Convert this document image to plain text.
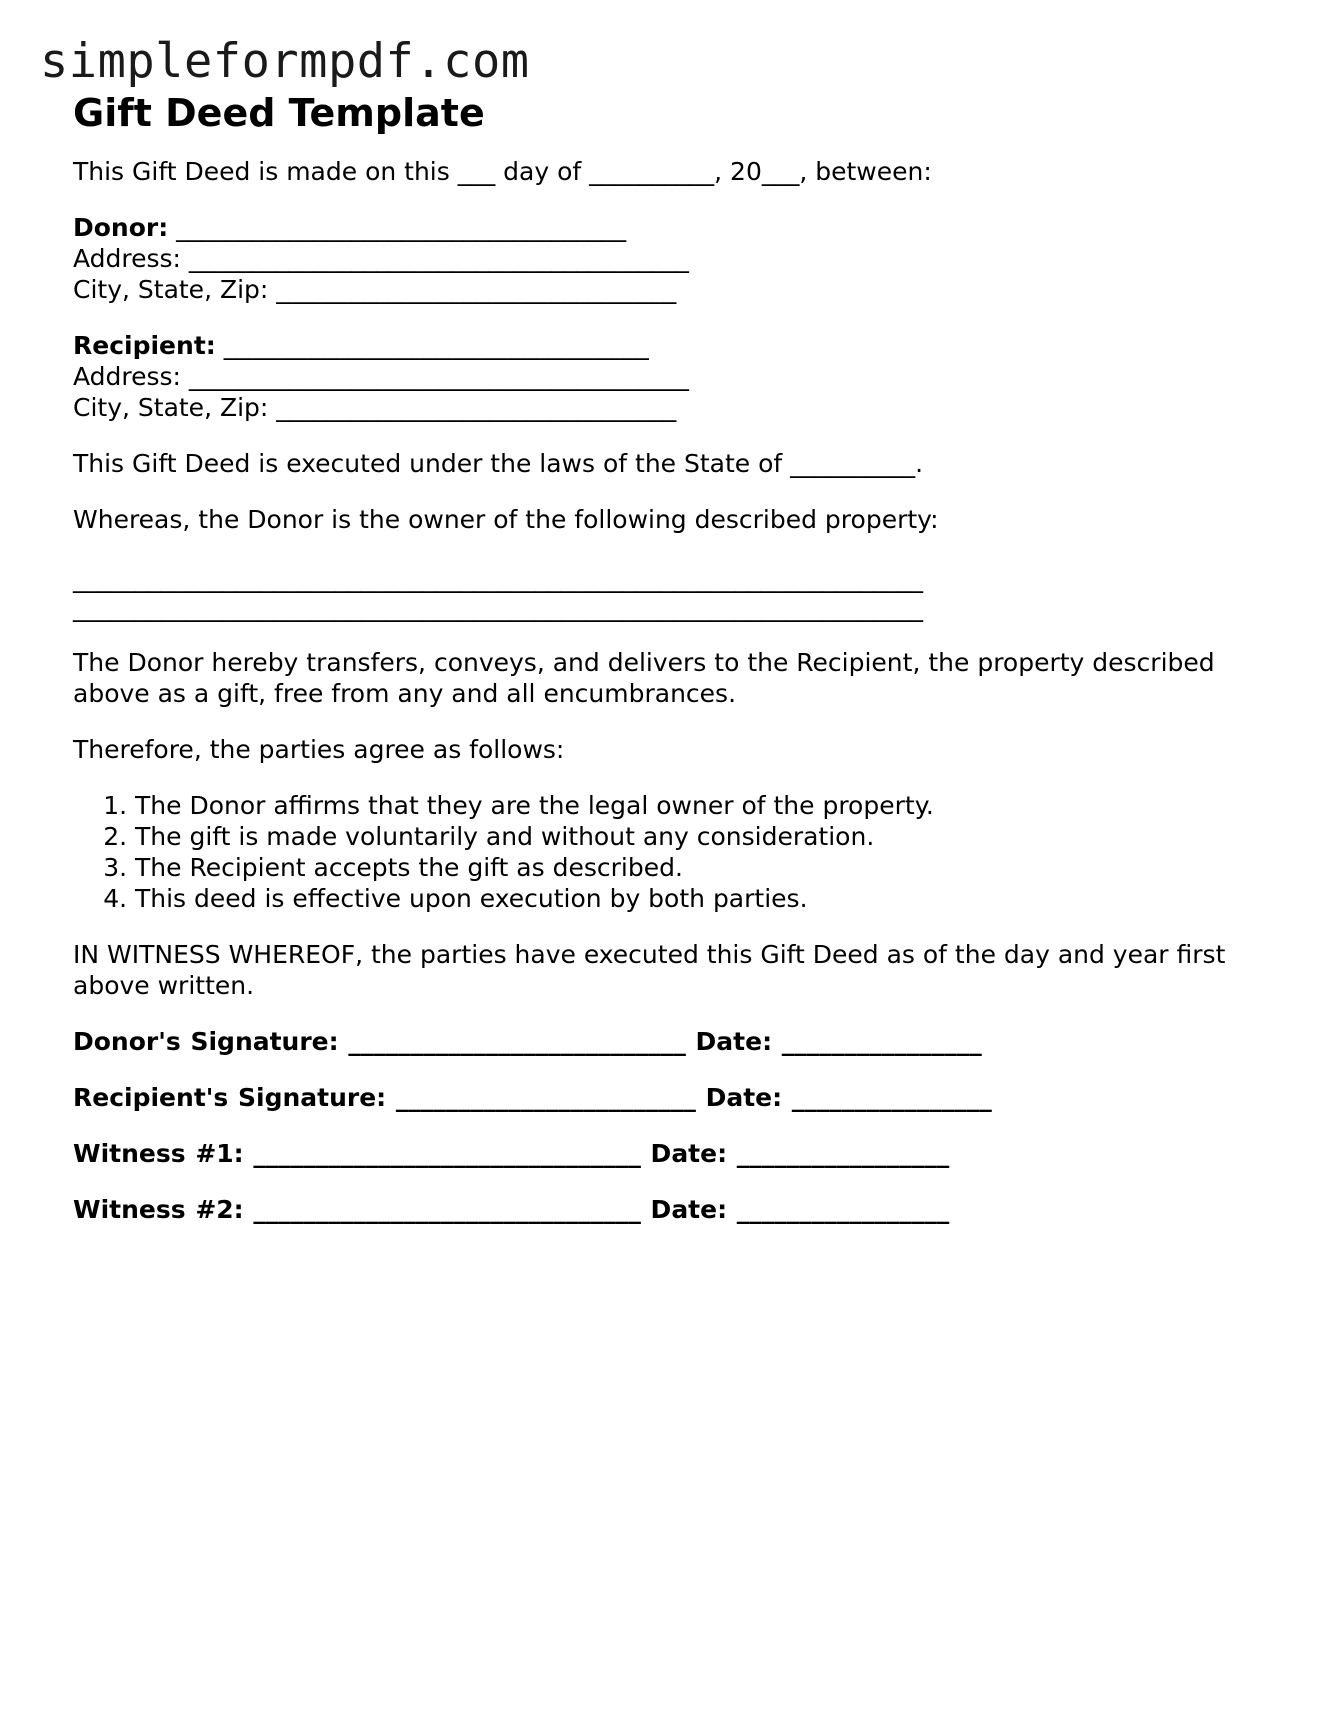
simpleformpdf.com
Gift Deed Template

This Gift Deed is made on this ___ day of __________, 20___, between:

Donor: ____________________________________

Address: ________________________________________

City, State, Zip: ________________________________

Recipient: __________________________________

Address: ________________________________________

City, State, Zip: ________________________________

This Gift Deed is executed under the laws of the State of __________.

Whereas, the Donor is the owner of the following described property:

____________________________________________________________________

____________________________________________________________________

The Donor hereby transfers, conveys, and delivers to the Recipient, the property described above as a gift, free from any and all encumbrances.

Therefore, the parties agree as follows:

1. The Donor affirms that they are the legal owner of the property.
2. The gift is made voluntarily and without any consideration.
3. The Recipient accepts the gift as described.
4. This deed is effective upon execution by both parties.

IN WITNESS WHEREOF, the parties have executed this Gift Deed as of the day and year first above written.

Donor's Signature: ___________________________ Date: ________________

Recipient's Signature: ________________________ Date: ________________

Witness #1: _______________________________ Date: _________________

Witness #2: _______________________________ Date: _________________
